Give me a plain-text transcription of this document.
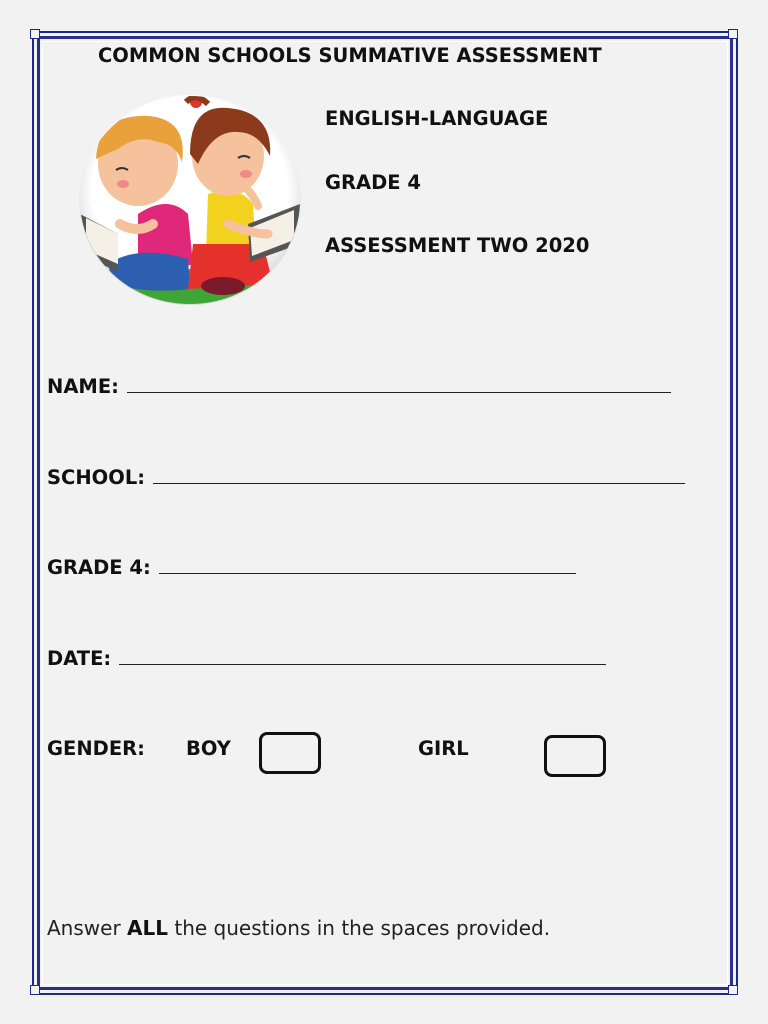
COMMON SCHOOLS SUMMATIVE ASSESSMENT
ENGLISH-LANGUAGE
GRADE 4
ASSESSMENT TWO 2020
NAME:
SCHOOL:
GRADE 4:
DATE:
GENDER: BOY	GIRL
Answer ALL the questions in the spaces provided.
